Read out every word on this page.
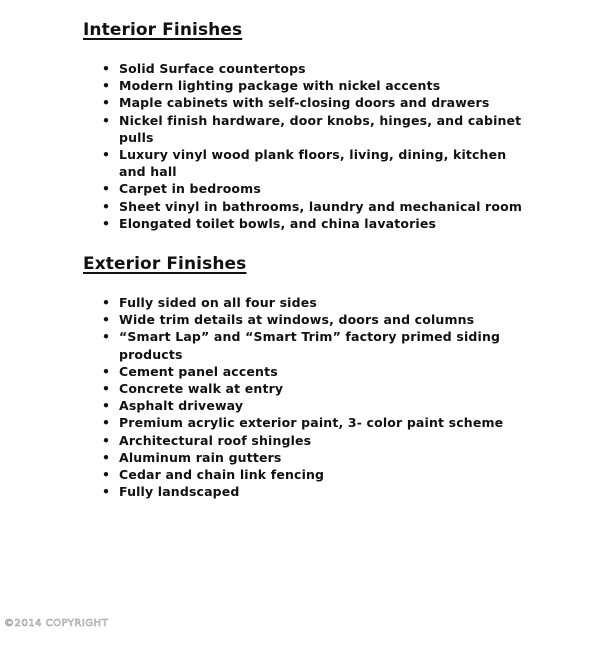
Interior Finishes
• Solid Surface countertops
• Modern lighting package with nickel accents
• Maple cabinets with self-closing doors and drawers
• Nickel finish hardware, door knobs, hinges, and cabinet pulls
• Luxury vinyl wood plank floors, living, dining, kitchen and hall
• Carpet in bedrooms
• Sheet vinyl in bathrooms, laundry and mechanical room
• Elongated toilet bowls, and china lavatories
Exterior Finishes
• Fully sided on all four sides
• Wide trim details at windows, doors and columns
• “Smart Lap” and “Smart Trim” factory primed siding products
• Cement panel accents
• Concrete walk at entry
• Asphalt driveway
• Premium acrylic exterior paint, 3- color paint scheme
• Architectural roof shingles
• Aluminum rain gutters
• Cedar and chain link fencing
• Fully landscaped
©2014 COPYRIGHT
